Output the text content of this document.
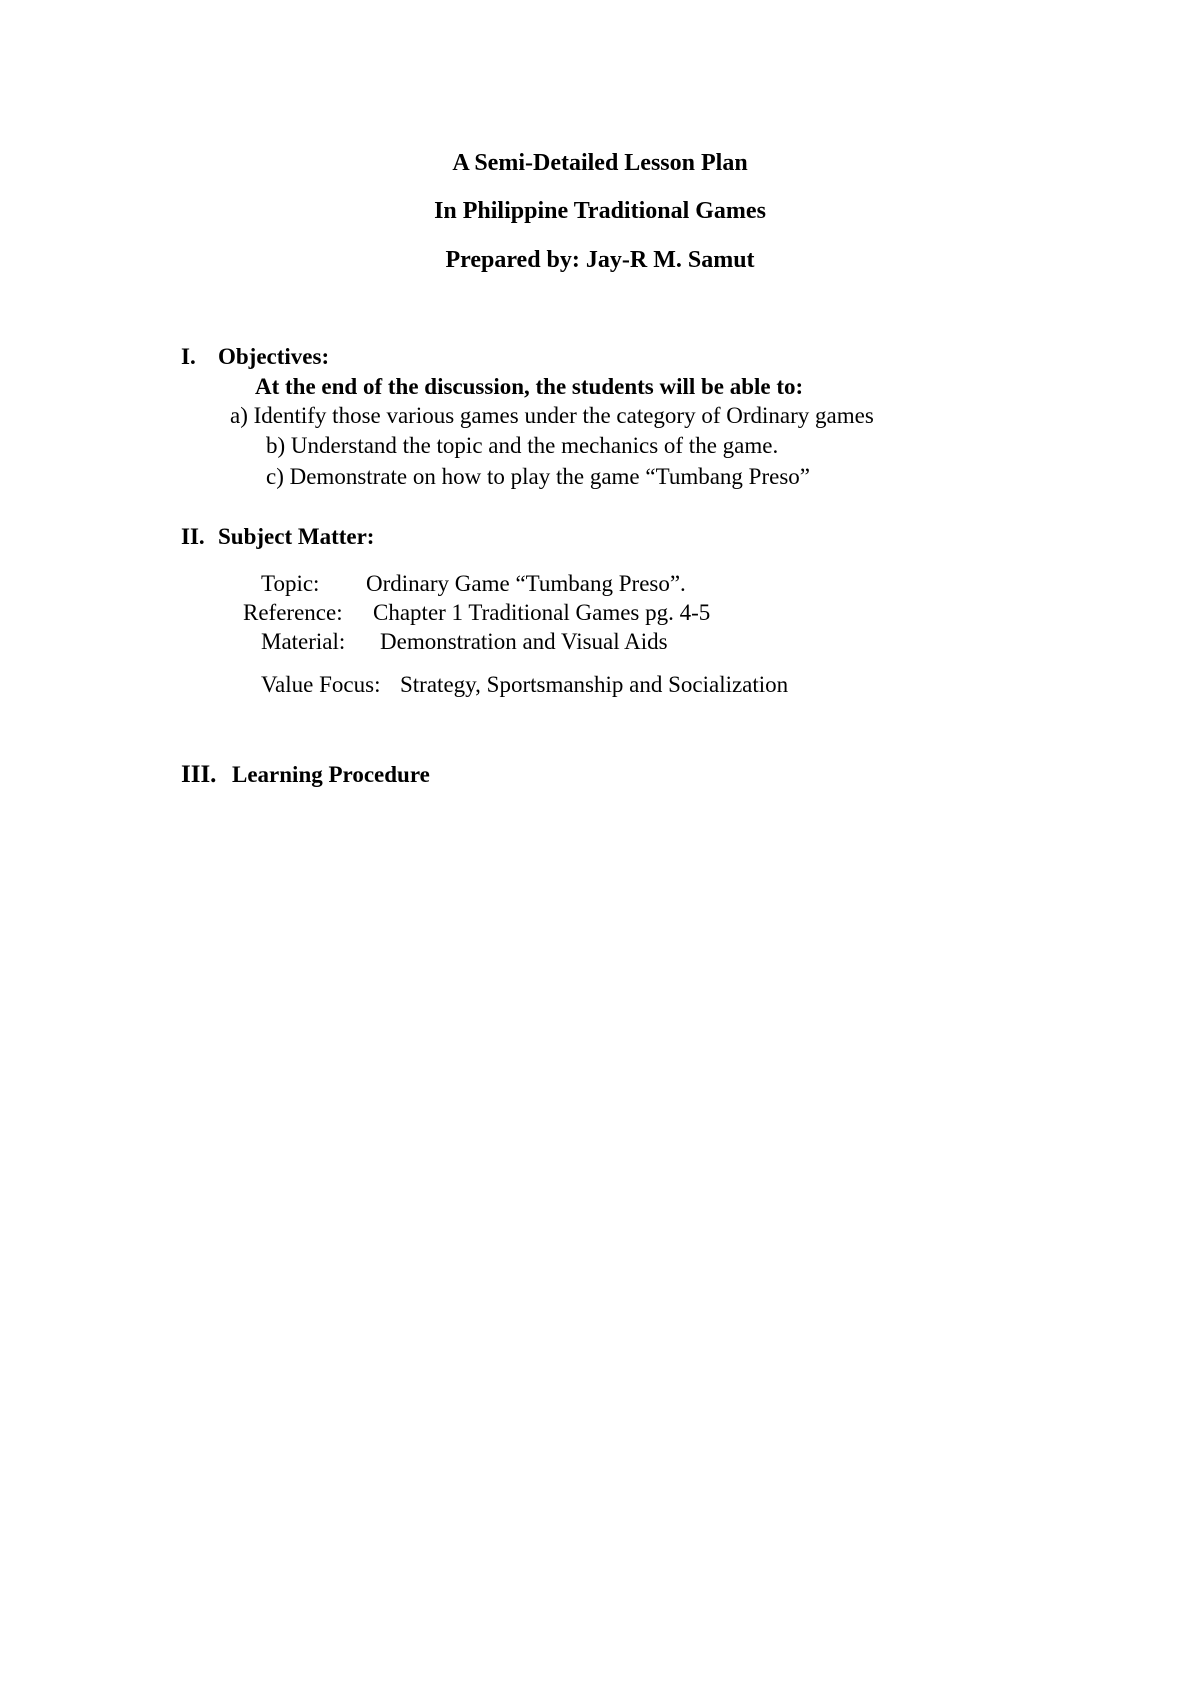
A Semi-Detailed Lesson Plan
In Philippine Traditional Games
Prepared by: Jay-R M. Samut
I. Objectives:
At the end of the discussion, the students will be able to:
a) Identify those various games under the category of Ordinary games
b) Understand the topic and the mechanics of the game.
c) Demonstrate on how to play the game “Tumbang Preso”
II. Subject Matter:
Topic: Ordinary Game “Tumbang Preso”.
Reference: Chapter 1 Traditional Games pg. 4-5
Material: Demonstration and Visual Aids
Value Focus: Strategy, Sportsmanship and Socialization
III. Learning Procedure
